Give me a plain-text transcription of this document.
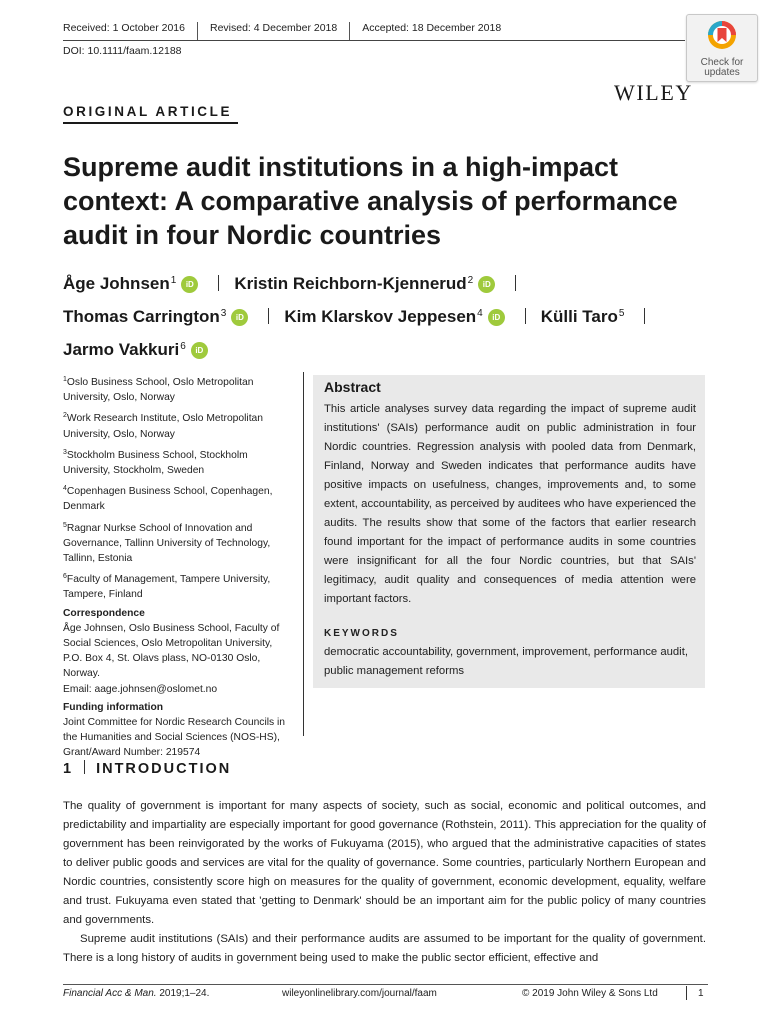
Received: 1 October 2016 Revised: 4 December 2018 Accepted: 18 December 2018
DOI: 10.1111/faam.12188
Check for
updates
WILEY
ORIGINAL ARTICLE
Supreme audit institutions in a high-impact context: A comparative analysis of performance audit in four Nordic countries
Åge Johnsen$^1$ iD Kristin Reichborn-Kjennerud$^2$ iD
Thomas Carrington$^3$ iD Kim Klarskov Jeppesen$^4$ iD Külli Taro$^5$
Jarmo Vakkuri$^6$ iD

$^1$Oslo Business School, Oslo Metropolitan University, Oslo, Norway

$^2$Work Research Institute, Oslo Metropolitan University, Oslo, Norway

$^3$Stockholm Business School, Stockholm University, Stockholm, Sweden

$^4$Copenhagen Business School, Copenhagen, Denmark

$^5$Ragnar Nurkse School of Innovation and Governance, Tallinn University of Technology, Tallinn, Estonia

$^6$Faculty of Management, Tampere University, Tampere, Finland

Correspondence

Åge Johnsen, Oslo Business School, Faculty of Social Sciences, Oslo Metropolitan University, P.O. Box 4, St. Olavs plass, NO-0130 Oslo, Norway.

Email: aage.johnsen@oslomet.no

Funding information

Joint Committee for Nordic Research Councils in the Humanities and Social Sciences (NOS-HS), Grant/Award Number: 219574

Abstract
This article analyses survey data regarding the impact of supreme audit institutions' (SAIs) performance audit on public administration in four Nordic countries. Regression analysis with pooled data from Denmark, Finland, Norway and Sweden indicates that performance audits have positive impacts on usefulness, changes, improvements and, to some extent, accountability, as perceived by auditees who have experienced the audits. The results show that some of the factors that earlier research found important for the impact of performance audits in some countries were insignificant for all the four Nordic countries, but that SAIs' legitimacy, audit quality and consequences of media attention were important factors.
KEYWORDS
democratic accountability, government, improvement, performance audit, public management reforms
1 INTRODUCTION

The quality of government is important for many aspects of society, such as social, economic and political outcomes, and predictability and impartiality are especially important for good governance (Rothstein, 2011). This appreciation for the quality of government has been reinvigorated by the works of Fukuyama (2015), who argued that the administrative capacities of states to deliver public goods and services are vital for the quality of governance. Some countries, particularly Northern European and Nordic countries, consistently score high on measures for the quality of government, economic development, equality, welfare and trust. Fukuyama even stated that 'getting to Denmark' should be an important aim for the public policy of many countries and governments.

Supreme audit institutions (SAIs) and their performance audits are assumed to be important for the quality of government. There is a long history of audits in government being used to make the public sector efficient, effective and

Financial Acc & Man. 2019;1–24.	wileyonlinelibrary.com/journal/faam	© 2019 John Wiley & Sons Ltd	1
